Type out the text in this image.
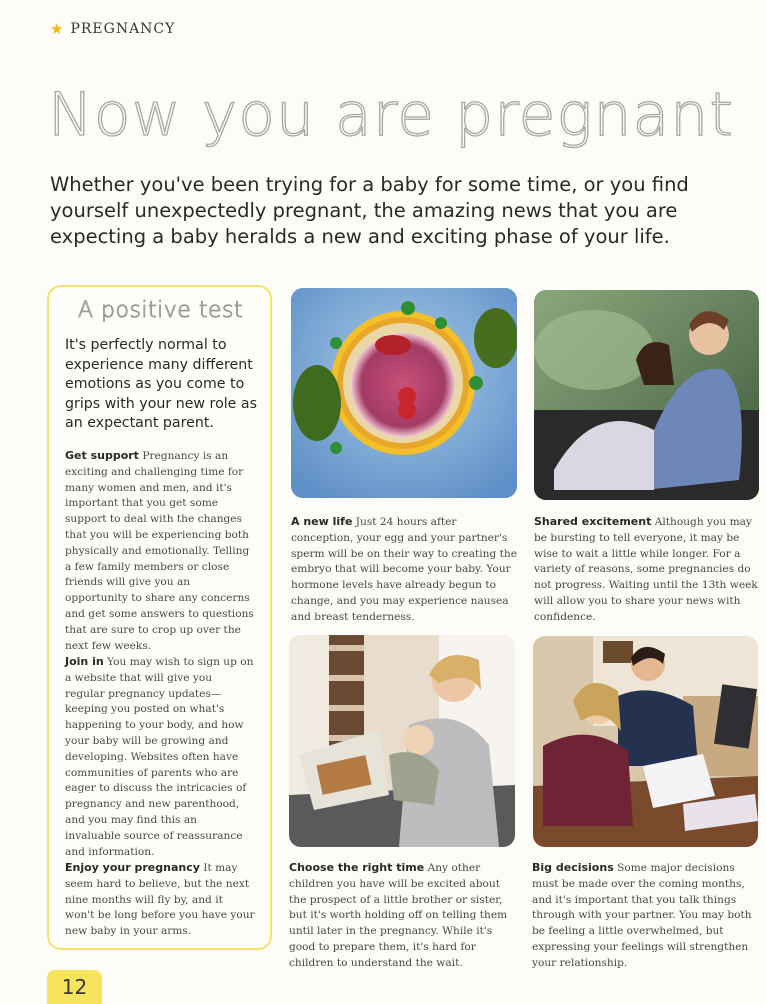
★ PREGNANCY
Now you are pregnant
Whether you've been trying for a baby for some time, or you find yourself unexpectedly pregnant, the amazing news that you are expecting a baby heralds a new and exciting phase of your life.
A positive test
It's perfectly normal to experience many different emotions as you come to grips with your new role as an expectant parent.
Get support Pregnancy is an exciting and challenging time for many women and men, and it's important that you get some support to deal with the changes that you will be experiencing both physically and emotionally. Telling a few family members or close friends will give you an opportunity to share any concerns and get some answers to questions that are sure to crop up over the next few weeks.
Join in You may wish to sign up on a website that will give you regular pregnancy updates—keeping you posted on what's happening to your body, and how your baby will be growing and developing. Websites often have communities of parents who are eager to discuss the intricacies of pregnancy and new parenthood, and you may find this an invaluable source of reassurance and information.
Enjoy your pregnancy It may seem hard to believe, but the next nine months will fly by, and it won't be long before you have your new baby in your arms.
A new life Just 24 hours after conception, your egg and your partner's sperm will be on their way to creating the embryo that will become your baby. Your hormone levels have already begun to change, and you may experience nausea and breast tenderness.
Shared excitement Although you may be bursting to tell everyone, it may be wise to wait a little while longer. For a variety of reasons, some pregnancies do not progress. Waiting until the 13th week will allow you to share your news with confidence.
Choose the right time Any other children you have will be excited about the prospect of a little brother or sister, but it's worth holding off on telling them until later in the pregnancy. While it's good to prepare them, it's hard for children to understand the wait.
Big decisions Some major decisions must be made over the coming months, and it's important that you talk things through with your partner. You may both be feeling a little overwhelmed, but expressing your feelings will strengthen your relationship.
12
